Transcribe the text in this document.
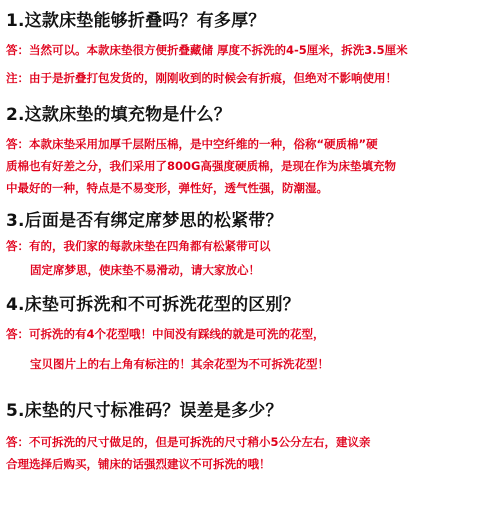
1.这款床垫能够折叠吗？有多厚？
答：当然可以。本款床垫很方便折叠藏储 厚度不拆洗的4-5厘米，拆洗3.5厘米
注：由于是折叠打包发货的，刚刚收到的时候会有折痕，但绝对不影响使用！
2.这款床垫的填充物是什么？
答：本款床垫采用加厚千层附压棉，是中空纤维的一种，俗称“硬质棉”硬
质棉也有好差之分，我们采用了800G高强度硬质棉，是现在作为床垫填充物
中最好的一种，特点是不易变形，弹性好，透气性强，防潮湿。
3.后面是否有绑定席梦思的松紧带？
答：有的，我们家的每款床垫在四角都有松紧带可以
固定席梦思，使床垫不易滑动，请大家放心！
4.床垫可拆洗和不可拆洗花型的区别？
答：可拆洗的有4个花型哦！中间没有踩线的就是可洗的花型，
宝贝图片上的右上角有标注的！其余花型为不可拆洗花型！
5.床垫的尺寸标准码？误差是多少？
答：不可拆洗的尺寸做足的，但是可拆洗的尺寸稍小5公分左右，建议亲
合理选择后购买，铺床的话强烈建议不可拆洗的哦！
